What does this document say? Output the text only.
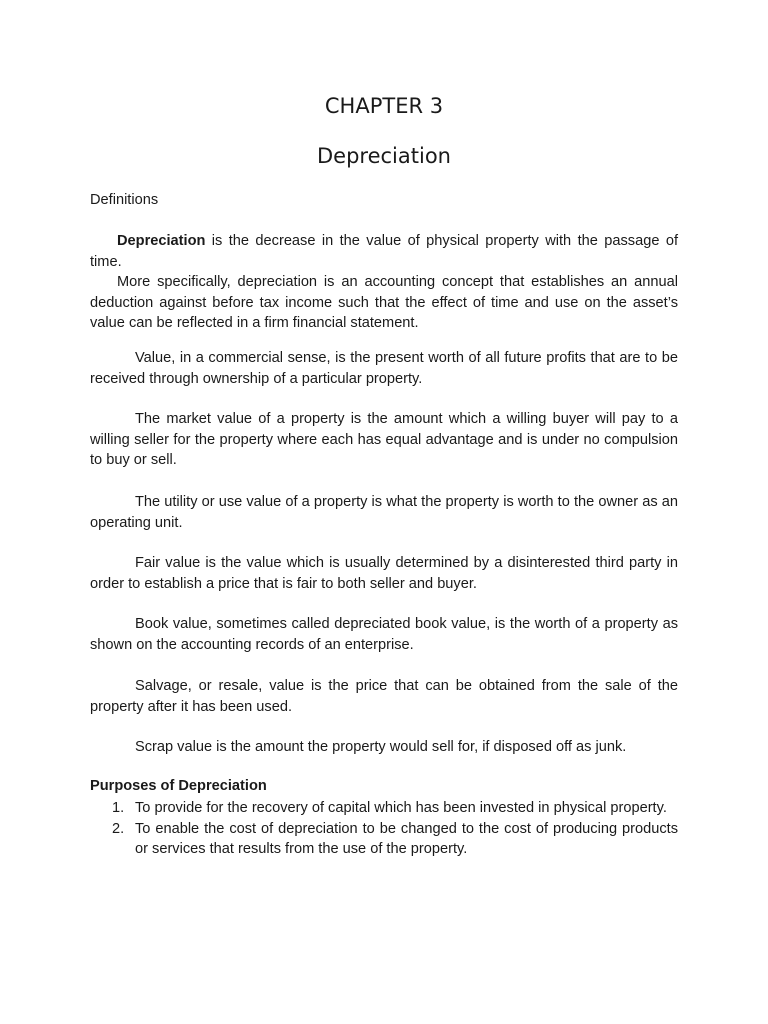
CHAPTER 3
Depreciation
Definitions

Depreciation is the decrease in the value of physical property with the passage of time.

More specifically, depreciation is an accounting concept that establishes an annual deduction against before tax income such that the effect of time and use on the asset’s value can be reflected in a firm financial statement.

Value, in a commercial sense, is the present worth of all future profits that are to be received through ownership of a particular property.
The market value of a property is the amount which a willing buyer will pay to a willing seller for the property where each has equal advantage and is under no compulsion to buy or sell.
The utility or use value of a property is what the property is worth to the owner as an operating unit.
Fair value is the value which is usually determined by a disinterested third party in order to establish a price that is fair to both seller and buyer.
Book value, sometimes called depreciated book value, is the worth of a property as shown on the accounting records of an enterprise.
Salvage, or resale, value is the price that can be obtained from the sale of the property after it has been used.
Scrap value is the amount the property would sell for, if disposed off as junk.
Purposes of Depreciation
1. To provide for the recovery of capital which has been invested in physical property.
2. To enable the cost of depreciation to be changed to the cost of producing products or services that results from the use of the property.
